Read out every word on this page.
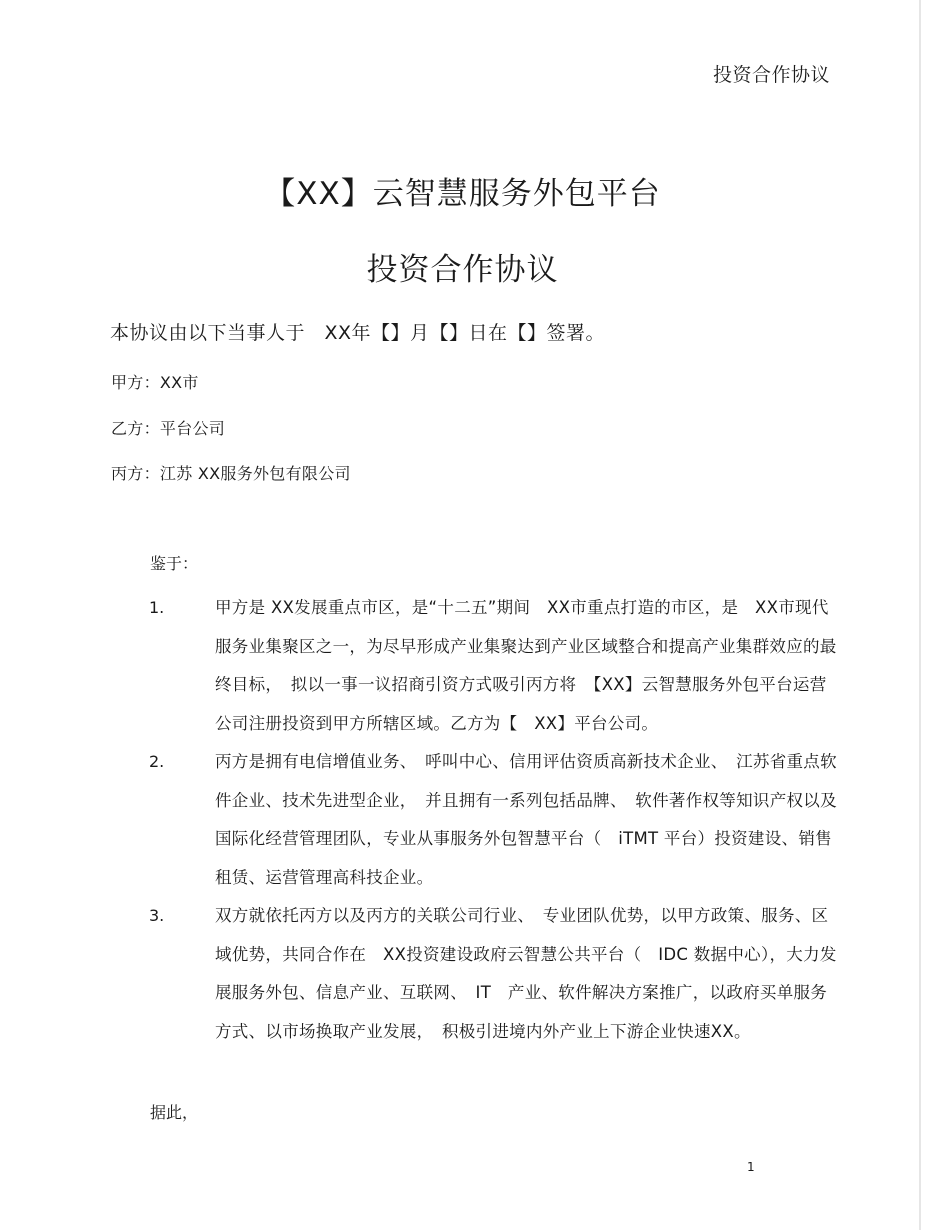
投资合作协议
【XX】云智慧服务外包平台
投资合作协议
本协议由以下当事人于　XX年【】月【】日在【】签署。
甲方：XX市
乙方：平台公司
丙方：江苏 XX服务外包有限公司
鉴于：
1.	甲方是 XX发展重点市区，是“十二五”期间　XX市重点打造的市区，是　XX市现代服务业集聚区之一，为尽早形成产业集聚达到产业区域整合和提高产业集群效应的最终目标，　拟以一事一议招商引资方式吸引丙方将　【XX】云智慧服务外包平台运营公司注册投资到甲方所辖区域。乙方为【　XX】平台公司。
2.	丙方是拥有电信增值业务、　呼叫中心、信用评估资质高新技术企业、　江苏省重点软件企业、技术先进型企业，　并且拥有一系列包括品牌、　软件著作权等知识产权以及国际化经营管理团队，专业从事服务外包智慧平台（　iTMT 平台）投资建设、销售租赁、运营管理高科技企业。
3.	双方就依托丙方以及丙方的关联公司行业、　专业团队优势，以甲方政策、服务、区域优势，共同合作在　XX投资建设政府云智慧公共平台（　IDC 数据中心），大力发展服务外包、信息产业、互联网、　IT　产业、软件解决方案推广，以政府买单服务方式、以市场换取产业发展，　积极引进境内外产业上下游企业快速XX。
据此，
1
